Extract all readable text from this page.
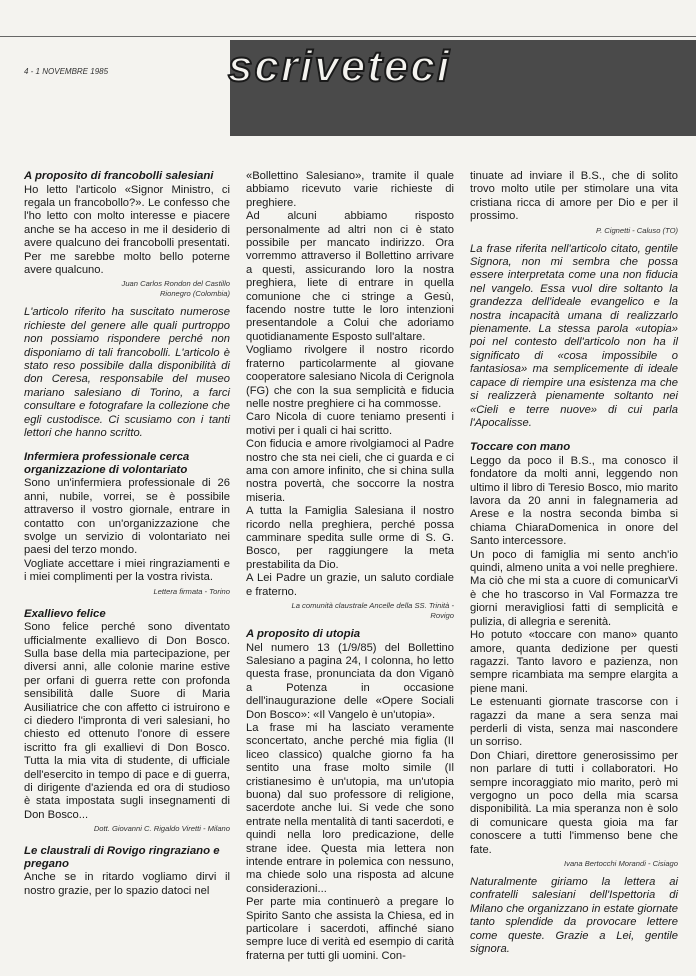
4 - 1 NOVEMBRE 1985	scriveteci
A proposito di francobolli salesiani

Ho letto l'articolo «Signor Ministro, ci regala un francobollo?». Le confesso che l'ho letto con molto interesse e piacere anche se ha acceso in me il desiderio di avere qualcuno dei francobolli presentati. Per me sarebbe molto bello poterne avere qualcuno.

Juan Carlos Rondon del Castillo
Rionegro (Colombia)

L'articolo riferito ha suscitato numerose richieste del genere alle quali purtroppo non possiamo rispondere perché non disponiamo di tali francobolli. L'articolo è stato reso possibile dalla disponibilità di don Ceresa, responsabile del museo mariano salesiano di Torino, a farci consultare e fotografare la collezione che egli custodisce. Ci scusiamo con i tanti lettori che hanno scritto.

Infermiera professionale cerca organizzazione di volontariato

Sono un'infermiera professionale di 26 anni, nubile, vorrei, se è possibile attraverso il vostro giornale, entrare in contatto con un'organizzazione che svolge un servizio di volontariato nei paesi del terzo mondo.

Vogliate accettare i miei ringraziamenti e i miei complimenti per la vostra rivista.

Lettera firmata - Torino
Exallievo felice

Sono felice perché sono diventato ufficialmente exallievo di Don Bosco. Sulla base della mia partecipazione, per diversi anni, alle colonie marine estive per orfani di guerra rette con profonda sensibilità dalle Suore di Maria Ausiliatrice che con affetto ci istruirono e ci diedero l'impronta di veri salesiani, ho chiesto ed ottenuto l'onore di essere iscritto fra gli exallievi di Don Bosco. Tutta la mia vita di studente, di ufficiale dell'esercito in tempo di pace e di guerra, di dirigente d'azienda ed ora di studioso è stata impostata sugli insegnamenti di Don Bosco...

Dott. Giovanni C. Rigaldo Viretti - Milano
Le claustrali di Rovigo ringraziano e pregano

Anche se in ritardo vogliamo dirvi il nostro grazie, per lo spazio datoci nel

«Bollettino Salesiano», tramite il quale abbiamo ricevuto varie richieste di preghiere.

Ad alcuni abbiamo risposto personalmente ad altri non ci è stato possibile per mancato indirizzo. Ora vorremmo attraverso il Bollettino arrivare a questi, assicurando loro la nostra preghiera, liete di entrare in quella comunione che ci stringe a Gesù, facendo nostre tutte le loro intenzioni presentandole a Colui che adoriamo quotidianamente Esposto sull'altare.

Vogliamo rivolgere il nostro ricordo fraterno particolarmente al giovane cooperatore salesiano Nicola di Cerignola (FG) che con la sua semplicità e fiducia nelle nostre preghiere ci ha commosse.

Caro Nicola di cuore teniamo presenti i motivi per i quali ci hai scritto.

Con fiducia e amore rivolgiamoci al Padre nostro che sta nei cieli, che ci guarda e ci ama con amore infinito, che si china sulla nostra povertà, che soccorre la nostra miseria.

A tutta la Famiglia Salesiana il nostro ricordo nella preghiera, perché possa camminare spedita sulle orme di S. G. Bosco, per raggiungere la meta prestabilita da Dio.

A Lei Padre un grazie, un saluto cordiale e fraterno.

La comunità claustrale Ancelle della SS. Trinità -
Rovigo
A proposito di utopia

Nel numero 13 (1/9/85) del Bollettino Salesiano a pagina 24, I colonna, ho letto questa frase, pronunciata da don Viganò a Potenza in occasione dell'inaugurazione delle «Opere Sociali Don Bosco»: «Il Vangelo è un'utopia».

La frase mi ha lasciato veramente sconcertato, anche perché mia figlia (II liceo classico) qualche giorno fa ha sentito una frase molto simile (Il cristianesimo è un'utopia, ma un'utopia buona) dal suo professore di religione, sacerdote anche lui. Si vede che sono entrate nella mentalità di tanti sacerdoti, e quindi nella loro predicazione, delle strane idee. Questa mia lettera non intende entrare in polemica con nessuno, ma chiede solo una risposta ad alcune considerazioni...

Per parte mia continuerò a pregare lo Spirito Santo che assista la Chiesa, ed in particolare i sacerdoti, affinché siano sempre luce di verità ed esempio di carità fraterna per tutti gli uomini. Con-

tinuate ad inviare il B.S., che di solito trovo molto utile per stimolare una vita cristiana ricca di amore per Dio e per il prossimo.

P. Cignetti - Caluso (TO)

La frase riferita nell'articolo citato, gentile Signora, non mi sembra che possa essere interpretata come una non fiducia nel vangelo. Essa vuol dire soltanto la grandezza dell'ideale evangelico e la nostra incapacità umana di realizzarlo pienamente. La stessa parola «utopia» poi nel contesto dell'articolo non ha il significato di «cosa impossibile o fantasiosa» ma semplicemente di ideale capace di riempire una esistenza ma che si realizzerà pienamente soltanto nei «Cieli e terre nuove» di cui parla l'Apocalisse.

Toccare con mano

Leggo da poco il B.S., ma conosco il fondatore da molti anni, leggendo non ultimo il libro di Teresio Bosco, mio marito lavora da 20 anni in falegnameria ad Arese e la nostra seconda bimba si chiama ChiaraDomenica in onore del Santo intercessore.

Un poco di famiglia mi sento anch'io quindi, almeno unita a voi nelle preghiere. Ma ciò che mi sta a cuore di comunicarVi è che ho trascorso in Val Formazza tre giorni meravigliosi fatti di semplicità e pulizia, di allegria e serenità.

Ho potuto «toccare con mano» quanto amore, quanta dedizione per questi ragazzi. Tanto lavoro e pazienza, non sempre ricambiata ma sempre elargita a piene mani.

Le estenuanti giornate trascorse con i ragazzi da mane a sera senza mai perderli di vista, senza mai nascondere un sorriso.

Don Chiari, direttore generosissimo per non parlare di tutti i collaboratori. Ho sempre incoraggiato mio marito, però mi vergogno un poco della mia scarsa disponibilità. La mia speranza non è solo di comunicare questa gioia ma far conoscere a tutti l'immenso bene che fate.

Ivana Bertocchi Morandi - Cisiago

Naturalmente giriamo la lettera ai confratelli salesiani dell'Ispettoria di Milano che organizzano in estate giornate tanto splendide da provocare lettere come queste. Grazie a Lei, gentile signora.
